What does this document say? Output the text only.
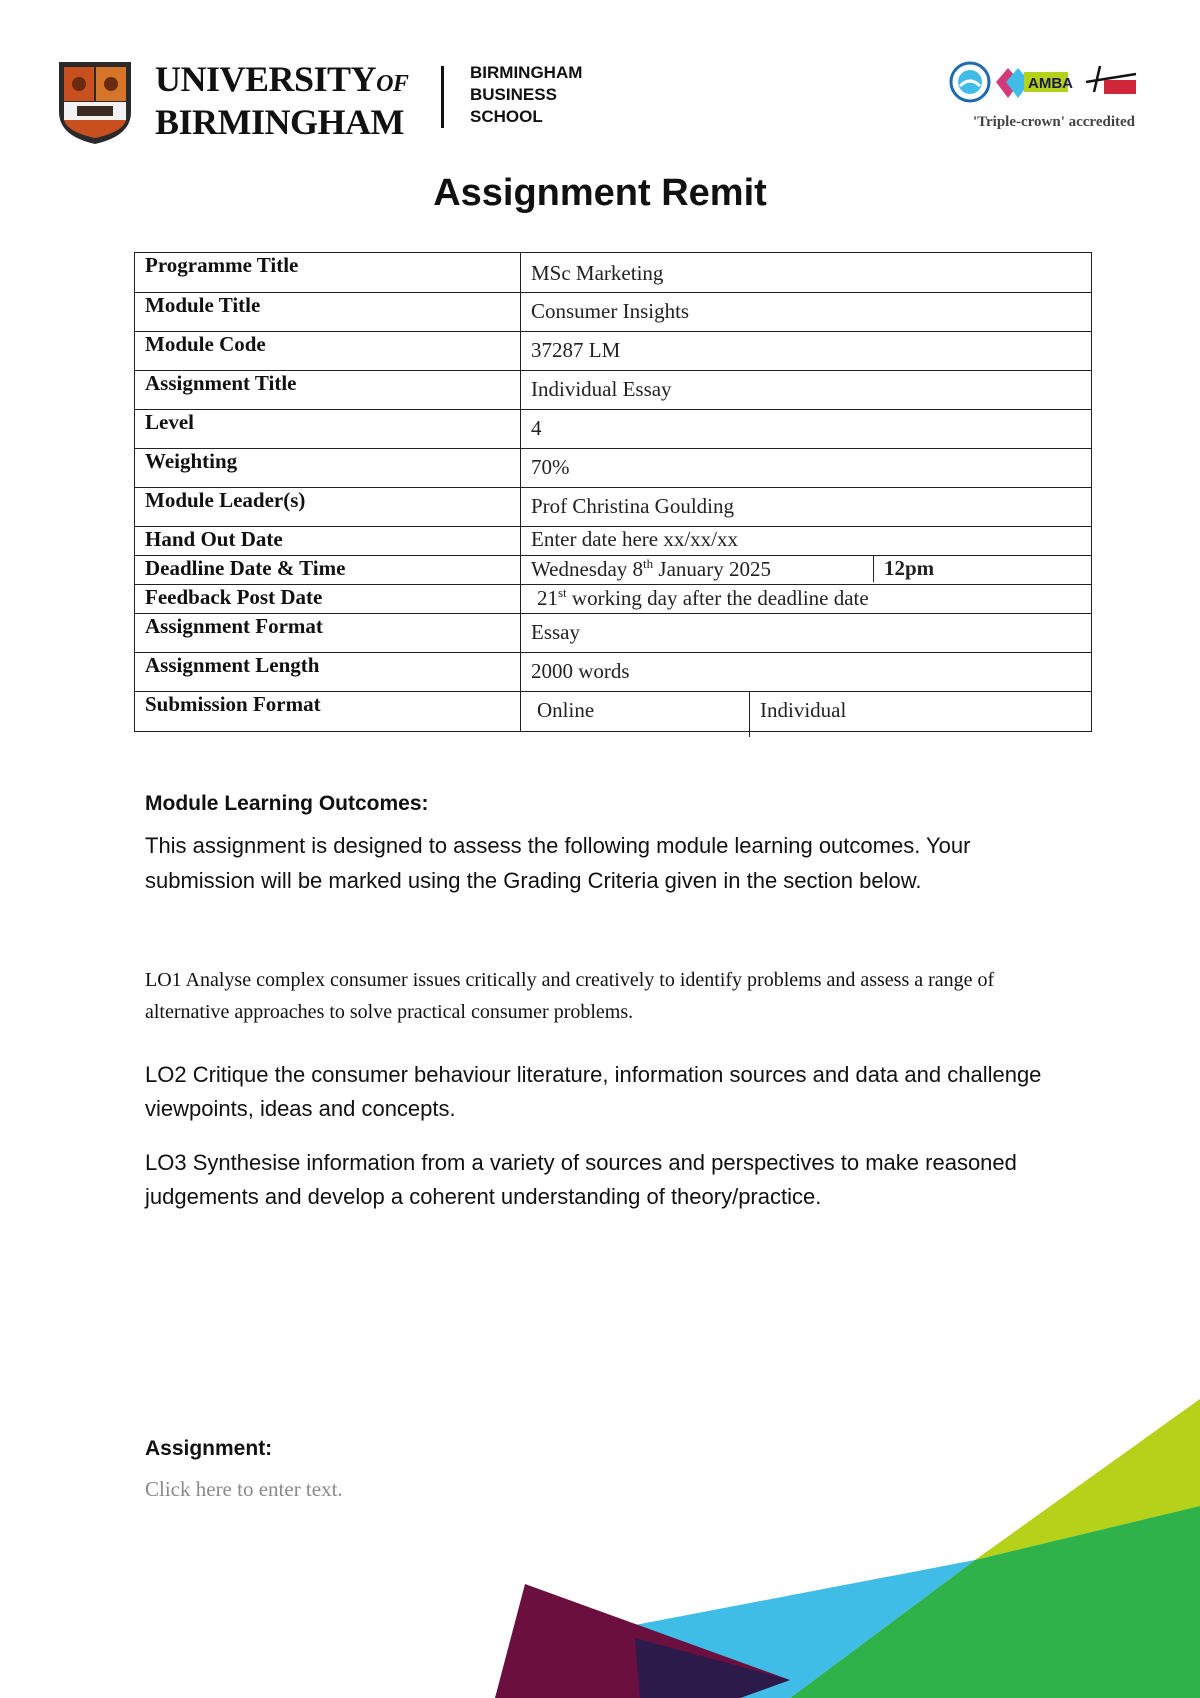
UNIVERSITYOF
BIRMINGHAM
BIRMINGHAM
BUSINESS
SCHOOL
AMBA
'Triple-crown' accredited
Assignment Remit
Programme Title	MSc Marketing
Module Title	Consumer Insights
Module Code	37287 LM
Assignment Title	Individual Essay
Level	4
Weighting	70%
Module Leader(s)	Prof Christina Goulding
Hand Out Date	Enter date here xx/xx/xx
Deadline Date & Time	Wednesday 8th January 2025 12pm

Feedback Post Date	21st working day after the deadline date
Assignment Format	Essay
Assignment Length	2000 words
Submission Format	Online Individual
Module Learning Outcomes:
This assignment is designed to assess the following module learning outcomes. Your submission will be marked using the Grading Criteria given in the section below.
LO1 Analyse complex consumer issues critically and creatively to identify problems and assess a range of alternative approaches to solve practical consumer problems.
LO2 Critique the consumer behaviour literature, information sources and data and challenge viewpoints, ideas and concepts.
LO3 Synthesise information from a variety of sources and perspectives to make reasoned judgements and develop a coherent understanding of theory/practice.
Assignment:
Click here to enter text.
